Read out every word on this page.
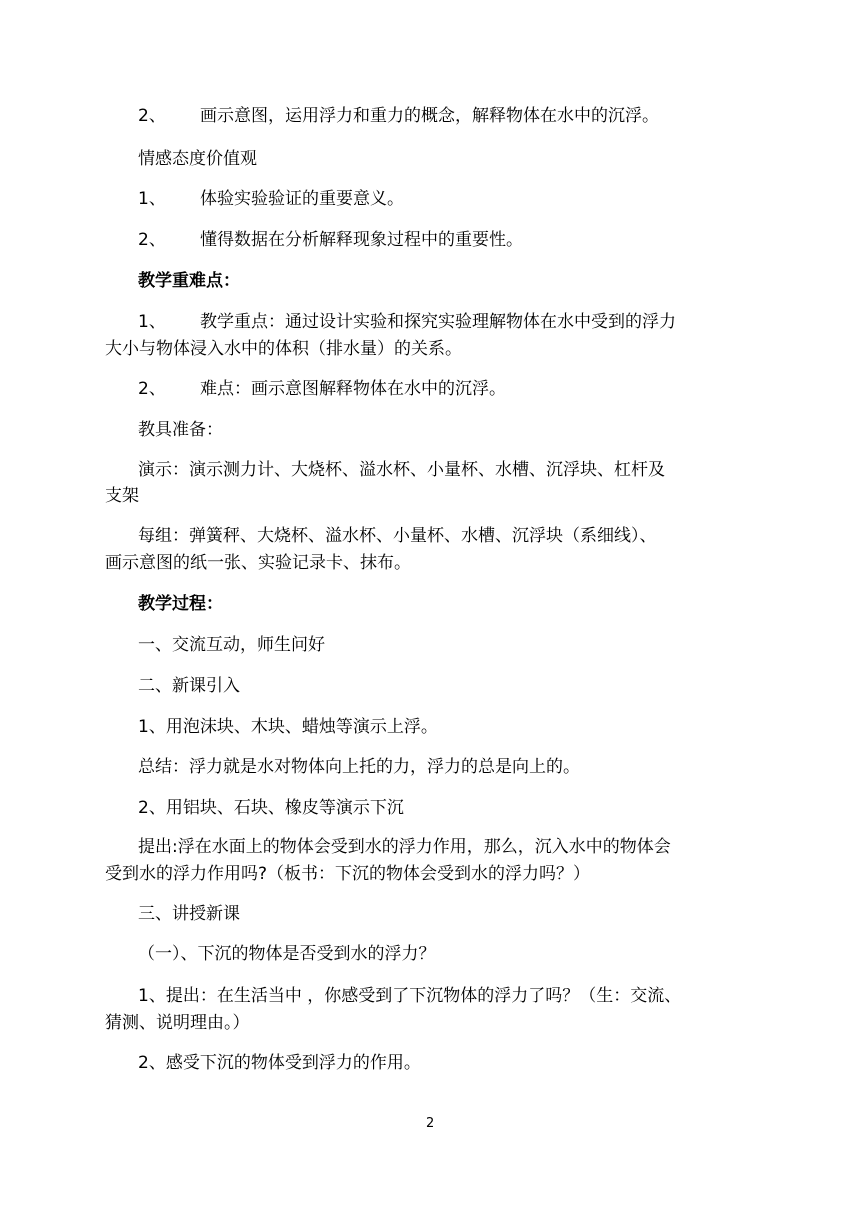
2、 画示意图，运用浮力和重力的概念，解释物体在水中的沉浮。
情感态度价值观
1、 体验实验验证的重要意义。
2、 懂得数据在分析解释现象过程中的重要性。
教学重难点：
1、 教学重点：通过设计实验和探究实验理解物体在水中受到的浮力
大小与物体浸入水中的体积（排水量）的关系。
2、 难点：画示意图解释物体在水中的沉浮。
教具准备：
演示：演示测力计、大烧杯、溢水杯、小量杯、水槽、沉浮块、杠杆及
支架
每组：弹簧秤、大烧杯、溢水杯、小量杯、水槽、沉浮块（系细线）、
画示意图的纸一张、实验记录卡、抹布。
教学过程：
一、交流互动，师生问好
二、新课引入
1、用泡沫块、木块、蜡烛等演示上浮。
总结：浮力就是水对物体向上托的力，浮力的总是向上的。
2、用铝块、石块、橡皮等演示下沉
提出:浮在水面上的物体会受到水的浮力作用，那么，沉入水中的物体会
受到水的浮力作用吗?（板书：下沉的物体会受到水的浮力吗？）
三、讲授新课
（一）、下沉的物体是否受到水的浮力？
1、提出：在生活当中 ，你感受到了下沉物体的浮力了吗？（生：交流、
猜测、说明理由。）
2、感受下沉的物体受到浮力的作用。
2
